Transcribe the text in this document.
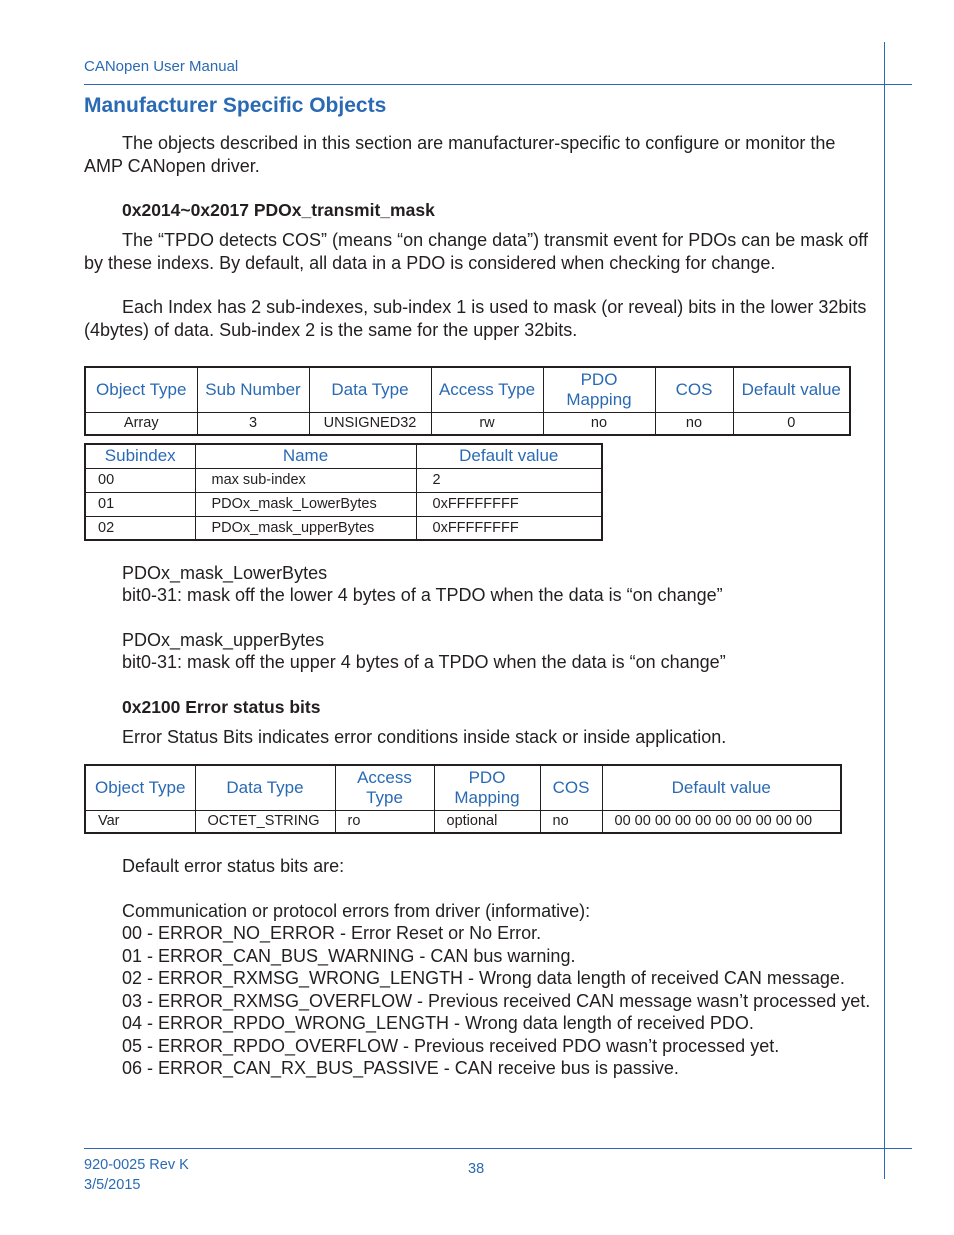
CANopen User Manual
Manufacturer Specific Objects
The objects described in this section are manufacturer-specific to configure or monitor the AMP CANopen driver.
0x2014~0x2017 PDOx_transmit_mask
The “TPDO detects COS” (means “on change data”) transmit event for PDOs can be mask off by these indexs. By default, all data in a PDO is considered when checking for change.
Each Index has 2 sub-indexes, sub-index 1 is used to mask (or reveal) bits in the lower 32bits (4bytes) of data. Sub-index 2 is the same for the upper 32bits.
Object Type	Sub Number	Data Type	Access Type	PDO Mapping	COS	Default value
Array	3	UNSIGNED32	rw	no	no	0
Subindex	Name	Default value
00	max sub-index	2
01	PDOx_mask_LowerBytes	0xFFFFFFFF
02	PDOx_mask_upperBytes	0xFFFFFFFF
PDOx_mask_LowerBytes
bit0-31: mask off the lower 4 bytes of a TPDO when the data is “on change”
PDOx_mask_upperBytes
bit0-31: mask off the upper 4 bytes of a TPDO when the data is “on change”
0x2100 Error status bits
Error Status Bits indicates error conditions inside stack or inside application.
Object Type	Data Type	Access Type	PDO Mapping	COS	Default value
Var	OCTET_STRING	ro	optional	no	00 00 00 00 00 00 00 00 00 00
Default error status bits are:
Communication or protocol errors from driver (informative):
00 - ERROR_NO_ERROR - Error Reset or No Error.
01 - ERROR_CAN_BUS_WARNING - CAN bus warning.
02 - ERROR_RXMSG_WRONG_LENGTH - Wrong data length of received CAN message.
03 - ERROR_RXMSG_OVERFLOW - Previous received CAN message wasn’t processed yet.
04 - ERROR_RPDO_WRONG_LENGTH - Wrong data length of received PDO.
05 - ERROR_RPDO_OVERFLOW - Previous received PDO wasn’t processed yet.
06 - ERROR_CAN_RX_BUS_PASSIVE - CAN receive bus is passive.
920-0025 Rev K
3/5/2015
38
